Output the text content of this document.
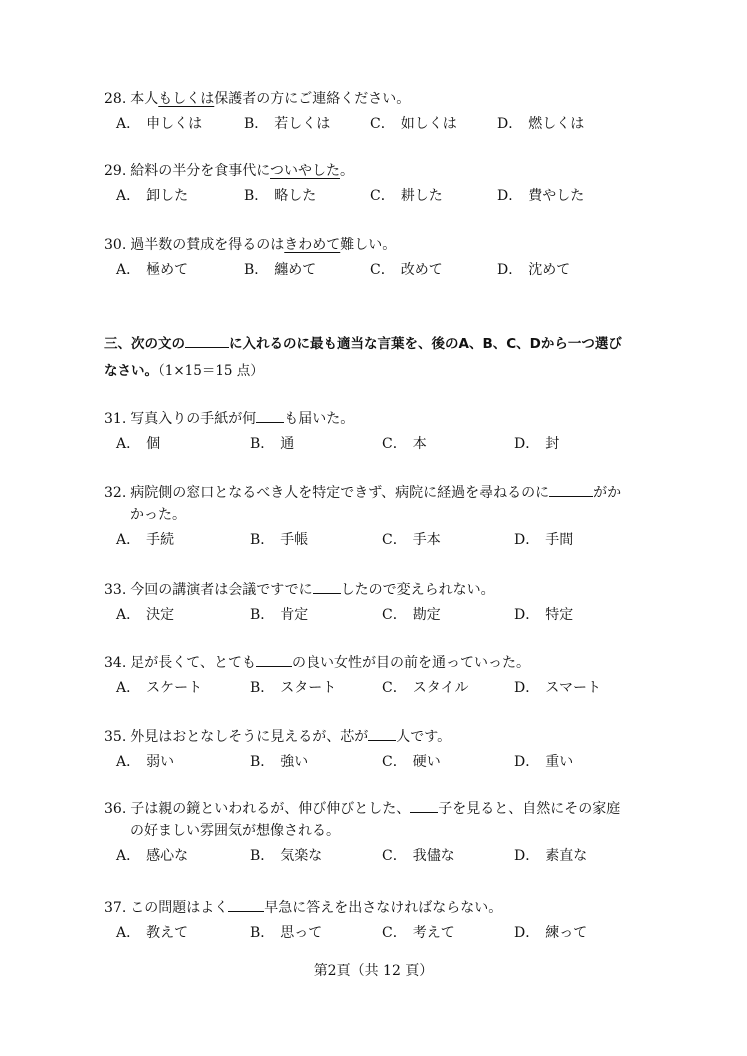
28. 本人もしくは保護者の方にご連絡ください。
A． 申しくは	B． 若しくは	C． 如しくは	D． 燃しくは
29. 給料の半分を食事代についやした。
A． 卸した	B． 略した	C． 耕した	D． 費やした
30. 過半数の賛成を得るのはきわめて難しい。
A． 極めて	B． 纏めて	C． 改めて	D． 沈めて
三、次の文の	に入れるのに最も適当な言葉を、後のA、B、C、Dから一つ選び
なさい。（1×15＝15 点）
31. 写真入りの手紙が何 も届いた。
A． 個	B． 通	C． 本	D． 封
32. 病院側の窓口となるべき人を特定できず、病院に経過を尋ねるのに	がか
かった。
A． 手続	B． 手帳	C． 手本	D． 手間
33. 今回の講演者は会議ですでに したので変えられない。
A． 決定	B． 肯定	C． 勘定	D． 特定
34. 足が長くて、とても	の良い女性が目の前を通っていった。
A． スケート	B． スタート	C． スタイル	D． スマート
35. 外見はおとなしそうに見えるが、芯が 人です。
A． 弱い	B． 強い	C． 硬い	D． 重い
36. 子は親の鏡といわれるが、伸び伸びとした、 子を見ると、自然にその家庭
の好ましい雰囲気が想像される。
A． 感心な	B． 気楽な	C． 我儘な	D． 素直な
37. この問題はよく	早急に答えを出さなければならない。
A． 教えて	B． 思って	C． 考えて	D． 練って
第2頁（共 12 頁）
